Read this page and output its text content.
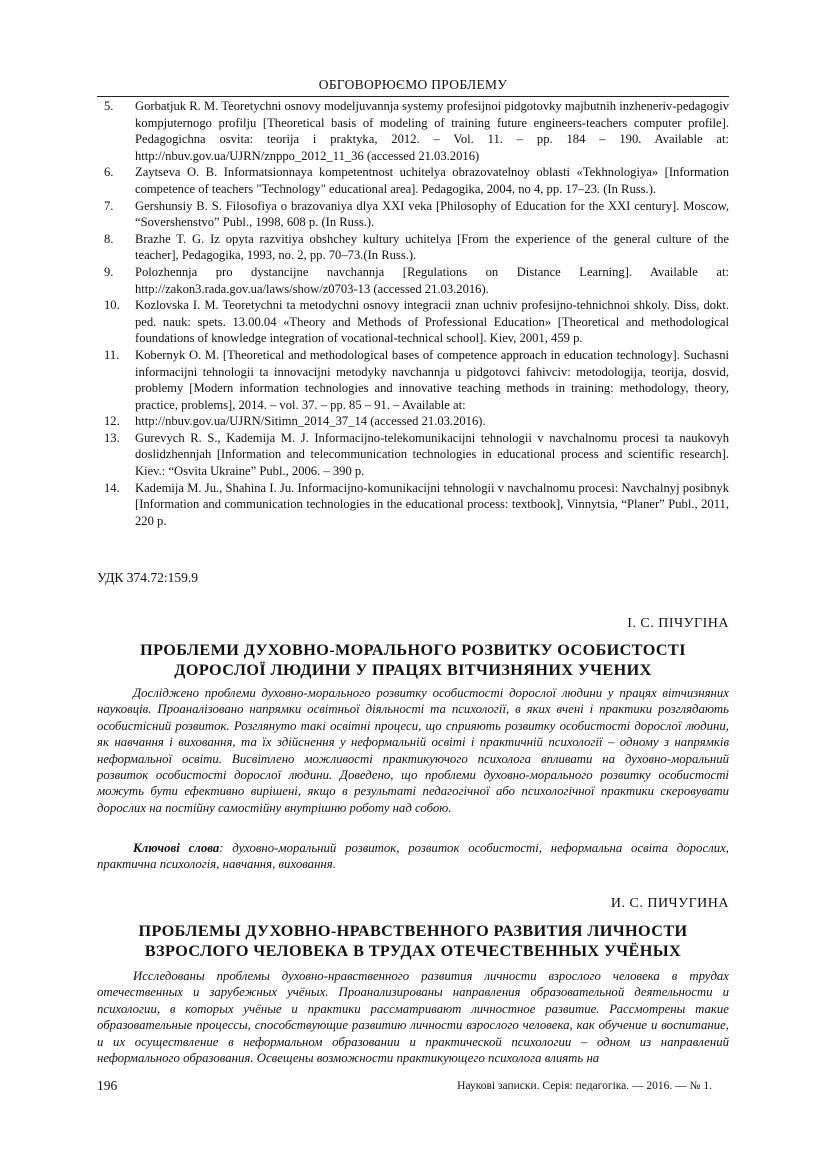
ОБГОВОРЮЄМО ПРОБЛЕМУ
5.	Gorbatjuk R. M. Teoretychni osnovy modeljuvannja systemy profesijnoi pidgotovky majbutnih inzheneriv-pedagogiv kompjuternogo profilju [Theoretical basis of modeling of training future engineers-teachers computer profile]. Pedagogichna osvita: teorija i praktyka, 2012. – Vol. 11. – pp. 184 – 190. Available at: http://nbuv.gov.ua/UJRN/znppo_2012_11_36 (accessed 21.03.2016)
6.	Zaytseva O. B. Informatsionnaya kompetentnost uchitelya obrazovatelnoy oblasti «Tekhnologiya» [Information competence of teachers "Technology" educational area]. Pedagogika, 2004, no 4, pp. 17–23. (In Russ.).
7.	Gershunsiy B. S. Filosofiya o brazovaniya dlya XXI veka [Philosophy of Education for the XXI century]. Moscow, “Sovershenstvo” Publ., 1998, 608 p. (In Russ.).
8.	Brazhe T. G. Iz opyta razvitiya obshchey kultury uchitelya [From the experience of the general culture of the teacher], Pedagogika, 1993, no. 2, pp. 70–73.(In Russ.).
9.	Polozhennja pro dystancijne navchannja [Regulations on Distance Learning]. Available at: http://zakon3.rada.gov.ua/laws/show/z0703-13 (accessed 21.03.2016).
10.	Kozlovska I. M. Teoretychni ta metodychni osnovy integracii znan uchniv profesijno-tehnichnoi shkoly. Diss, dokt. ped. nauk: spets. 13.00.04 «Theory and Methods of Professional Education» [Theoretical and methodological foundations of knowledge integration of vocational-technical school]. Kiev, 2001, 459 p.
11.	Kobernyk O. M. [Theoretical and methodological bases of competence approach in education technology]. Suchasni informacijni tehnologii ta innovacijni metodyky navchannja u pidgotovci fahivciv: metodologija, teorija, dosvid, problemy [Modern information technologies and innovative teaching methods in training: methodology, theory, practice, problems], 2014. – vol. 37. – pp. 85 – 91. – Available at:
12.	http://nbuv.gov.ua/UJRN/Sitimn_2014_37_14 (accessed 21.03.2016).
13.	Gurevych R. S., Kademija M. J. Informacijno-telekomunikacijni tehnologii v navchalnomu procesi ta naukovyh doslidzhennjah [Information and telecommunication technologies in educational process and scientific research]. Kiev.: “Osvita Ukraine” Publ., 2006. – 390 p.
14.	Kademija M. Ju., Shahina I. Ju. Informacijno-komunikacijni tehnologii v navchalnomu procesi: Navchalnyj posibnyk [Information and communication technologies in the educational process: textbook], Vinnytsia, “Planer” Publ., 2011, 220 p.
УДК 374.72:159.9
І. С. ПІЧУГІНА
ПРОБЛЕМИ ДУХОВНО-МОРАЛЬНОГО РОЗВИТКУ ОСОБИСТОСТІ
ДОРОСЛОЇ ЛЮДИНИ У ПРАЦЯХ ВІТЧИЗНЯНИХ УЧЕНИХ

Досліджено проблеми духовно-морального розвитку особистості дорослої людини у працях вітчизняних науковців. Проаналізовано напрямки освітньої діяльності та психології, в яких вчені і практики розглядають особистісний розвиток. Розглянуто такі освітні процеси, що сприяють розвитку особистості дорослої людини, як навчання і виховання, та їх здійснення у неформальній освіті і практичній психології – одному з напрямків неформальної освіти. Висвітлено можливості практикуючого психолога впливати на духовно-моральний розвиток особистості дорослої людини. Доведено, що проблеми духовно-морального розвитку особистості можуть бути ефективно вирішені, якщо в результаті педагогічної або психологічної практики скеровувати дорослих на постійну самостійну внутрішню роботу над собою.

Ключові слова: духовно-моральний розвиток, розвиток особистості, неформальна освіта дорослих, практична психологія, навчання, виховання.

И. С. ПИЧУГИНА
ПРОБЛЕМЫ ДУХОВНО-НРАВСТВЕННОГО РАЗВИТИЯ ЛИЧНОСТИ
ВЗРОСЛОГО ЧЕЛОВЕКА В ТРУДАХ ОТЕЧЕСТВЕННЫХ УЧЁНЫХ

Исследованы проблемы духовно-нравственного развития личности взрослого человека в трудах отечественных и зарубежных учёных. Проанализированы направления образовательной деятельности и психологии, в которых учёные и практики рассматривают личностное развитие. Рассмотрены такие образовательные процессы, способствующие развитию личности взрослого человека, как обучение и воспитание, и их осуществление в неформальном образовании и практической психологии – одном из направлений неформального образования. Освещены возможности практикующего психолога влиять на

196	Наукові записки. Серія: педагогіка. — 2016. — № 1.
